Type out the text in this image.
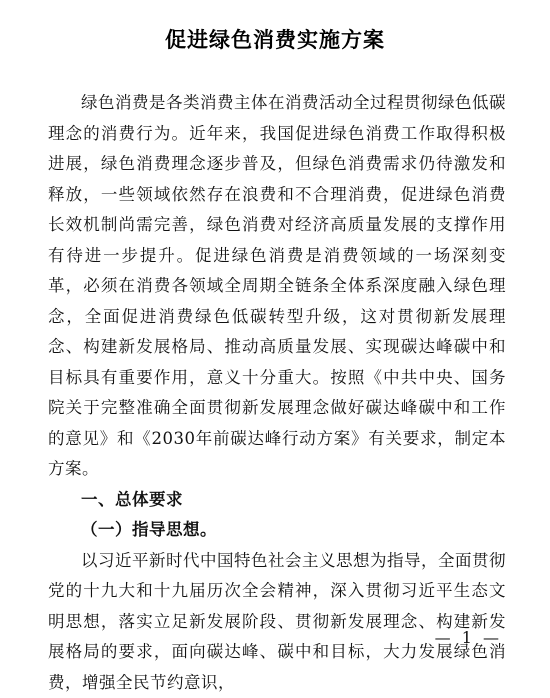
促进绿色消费实施方案

绿色消费是各类消费主体在消费活动全过程贯彻绿色低碳理念的消费行为。近年来，我国促进绿色消费工作取得积极进展，绿色消费理念逐步普及，但绿色消费需求仍待激发和释放，一些领域依然存在浪费和不合理消费，促进绿色消费长效机制尚需完善，绿色消费对经济高质量发展的支撑作用有待进一步提升。促进绿色消费是消费领域的一场深刻变革，必须在消费各领域全周期全链条全体系深度融入绿色理念，全面促进消费绿色低碳转型升级，这对贯彻新发展理念、构建新发展格局、推动高质量发展、实现碳达峰碳中和目标具有重要作用，意义十分重大。按照《中共中央、国务院关于完整准确全面贯彻新发展理念做好碳达峰碳中和工作的意见》和《2030年前碳达峰行动方案》有关要求，制定本方案。

一、总体要求

（一）指导思想。

以习近平新时代中国特色社会主义思想为指导，全面贯彻党的十九大和十九届历次全会精神，深入贯彻习近平生态文明思想，落实立足新发展阶段、贯彻新发展理念、构建新发展格局的要求，面向碳达峰、碳中和目标，大力发展绿色消费，增强全民节约意识，

— 1 —
